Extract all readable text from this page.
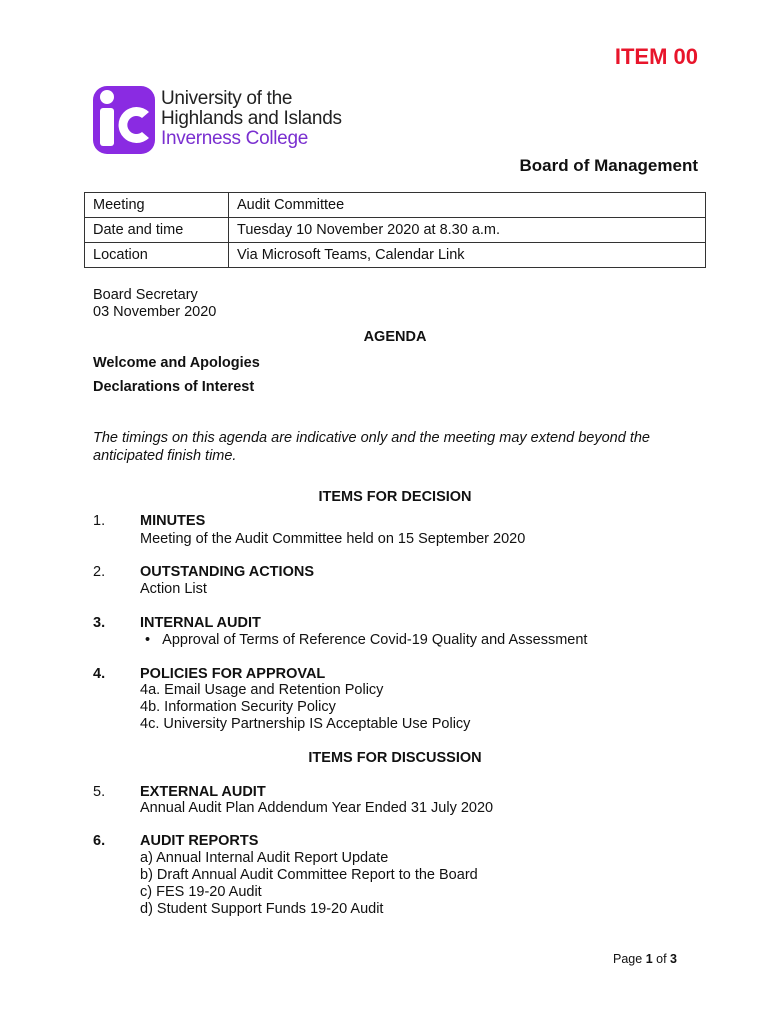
ITEM 00
University of the
Highlands and Islands
Inverness College
Board of Management
Meeting	Audit Committee
Date and time	Tuesday 10 November 2020 at 8.30 a.m.
Location	Via Microsoft Teams, Calendar Link
Board Secretary
03 November 2020
AGENDA
Welcome and Apologies
Declarations of Interest
The timings on this agenda are indicative only and the meeting may extend beyond the anticipated finish time.
ITEMS FOR DECISION
1. MINUTES
Meeting of the Audit Committee held on 15 September 2020
2. OUTSTANDING ACTIONS
Action List
3. INTERNAL AUDIT
• Approval of Terms of Reference Covid-19 Quality and Assessment
4. POLICIES FOR APPROVAL
4a. Email Usage and Retention Policy
4b. Information Security Policy
4c. University Partnership IS Acceptable Use Policy
ITEMS FOR DISCUSSION
5. EXTERNAL AUDIT
Annual Audit Plan Addendum Year Ended 31 July 2020
6. AUDIT REPORTS
a) Annual Internal Audit Report Update
b) Draft Annual Audit Committee Report to the Board
c) FES 19-20 Audit
d) Student Support Funds 19-20 Audit
Page 1 of 3
